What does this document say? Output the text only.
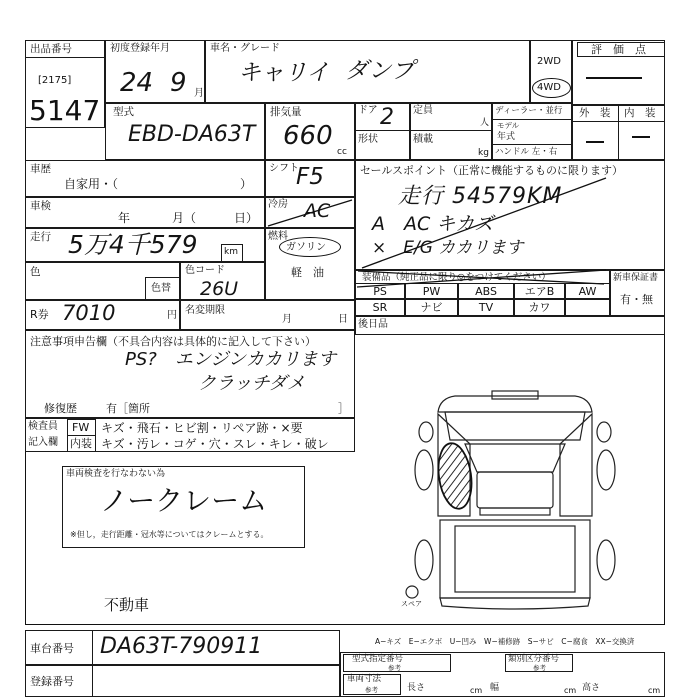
出品番号
[2175]
5147
初度登録年月
24 9 月
車名・グレード
キャリイ ダンプ	2WD
4WD
評　価　点
型式
EBD-DA63T
排気量
660
cc
ドア 2
形状
定員
人
積載
kg
ディーラー・並行
モデル
年式
ハンドル 左・右
外　装 内　装
車歴
自家用・（	）
シフト
F5	セールスポイント（正常に機能するものに限ります）
走行 54579KM
A　AC キカズ
×　E/G カカリます
車検
年	月（	日）
冷房 AC
走行 5万4千579	km
燃料
ガソリン
軽　油
色
色替
色コード
26U
装備品（純正品に限り◎をつけてください）
PS	PW	ABS	エアB	AW
SR	ナビ	TV	カワ
新車保証書
有・無
R券 7010	円 名変期限
月	日 後日品
注意事項申告欄（不具合内容は具体的に記入して下さい）
PS?　エンジンカカリます
クラッチダメ
修復歴	有［箇所	］
検査員
記入欄
FW
内装
キズ・飛石・ヒビ割・リペア跡・×要
キズ・汚レ・コゲ・穴・スレ・キレ・破レ
車両検査を行なわない為
ノークレーム
※但し，走行距離・冠水等についてはクレームとする。
不動車	スペア
A−キズ　E−エクボ　U−凹み　W−補修跡　S−サビ　C−腐食　XX−交換済
車台番号 DA63T-790911
登録番号
型式指定番号
参考
類別区分番号
参考
車両寸法
参考	長さ	cm 幅	cm 高さ	cm
